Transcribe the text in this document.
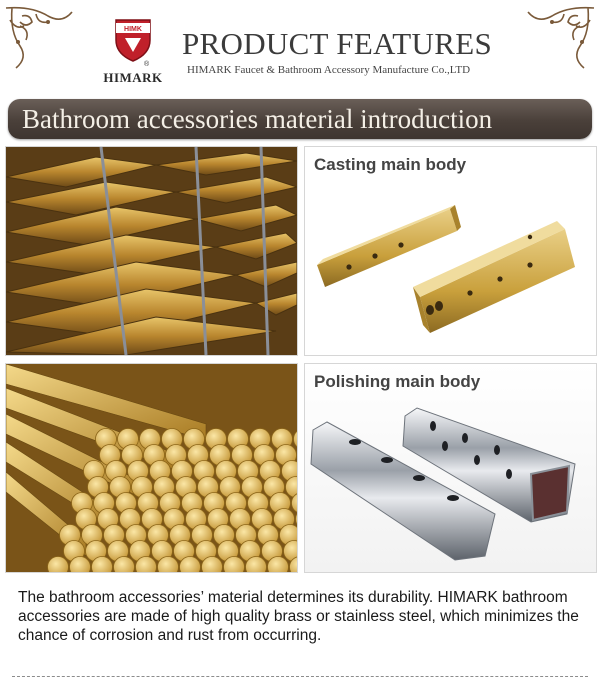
HIMK
®
HIMARK
PRODUCT FEATURES
HIMARK Faucet & Bathroom Accessory Manufacture Co.,LTD
Bathroom accessories material introduction
Casting main body
Polishing main body
The bathroom accessories’ material determines its durability. HIMARK bathroom accessories are made of high quality brass or stainless steel, which minimizes the chance of corrosion and rust from occurring.
